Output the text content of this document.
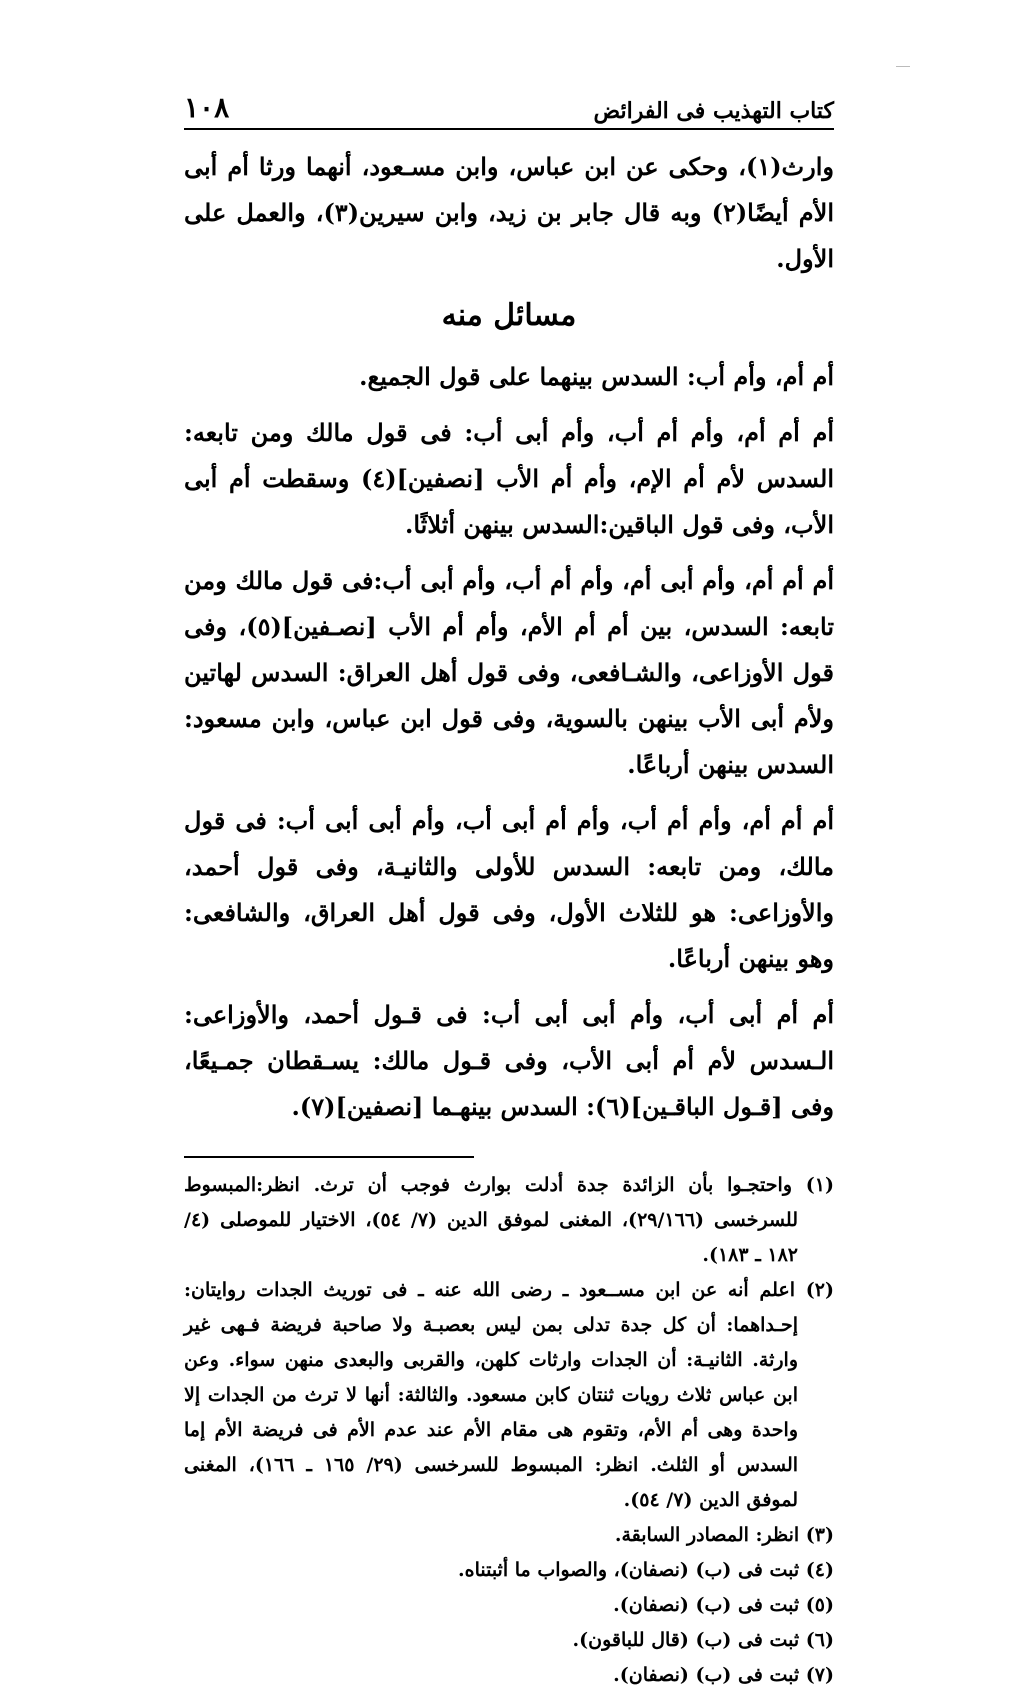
كتاب التهذيب فى الفرائض
١٠٨

وارث(١)، وحكى عن ابن عباس، وابن مسـعود، أنهما ورثا أم أبى الأم أيضًا(٢) وبه قال جابر بن زيد، وابن سيرين(٣)، والعمل على الأول.

مسائل منه

أم أم، وأم أب: السدس بينهما على قول الجميع.

أم أم أم، وأم أم أب، وأم أبى أب: فى قول مالك ومن تابعه: السدس لأم أم الإم، وأم أم الأب [نصفين](٤) وسقطت أم أبى الأب، وفى قول الباقين:السدس بينهن أثلاثًا.

أم أم أم، وأم أبى أم، وأم أم أب، وأم أبى أب:فى قول مالك ومن تابعه: السدس، بين أم أم الأم، وأم أم الأب [نصـفين](٥)، وفى قول الأوزاعى، والشـافعى، وفى قول أهل العراق: السدس لهاتين ولأم أبى الأب بينهن بالسوية، وفى قول ابن عباس، وابن مسعود: السدس بينهن أرباعًا.

أم أم أم، وأم أم أب، وأم أم أبى أب، وأم أبى أبى أب: فى قول مالك، ومن تابعه: السدس للأولى والثانيـة، وفى قول أحمد، والأوزاعى: هو للثلاث الأول، وفى قول أهل العراق، والشافعى: وهو بينهن أرباعًا.

أم أم أبى أب، وأم أبى أبى أب: فى قـول أحمد، والأوزاعى: الـسدس لأم أم أبى الأب، وفى قـول مالك: يسـقطان جمـيعًا، وفى [قـول الباقـين](٦): السدس بينهـما [نصفين](٧).

(١) واحتجـوا بأن الزائدة جدة أدلت بوارث فوجب أن ترث. انظر:المبسوط للسرخسى (٢٩/١٦٦)، المغنى لموفق الدين (٧/ ٥٤)، الاختيار للموصلى (٤/ ١٨٢ ـ ١٨٣).

(٢) اعلم أنه عن ابن مســعود ـ رضى الله عنه ـ فى توريث الجدات روايتان: إحـداهما: أن كل جدة تدلى بمن ليس بعصبـة ولا صاحبة فريضة فـهى غير وارثة. الثانيـة: أن الجدات وارثات كلهن، والقربى والبعدى منهن سواء. وعن ابن عباس ثلاث رويات ثنتان كابن مسعود. والثالثة: أنها لا ترث من الجدات إلا واحدة وهى أم الأم، وتقوم هى مقام الأم عند عدم الأم فى فريضة الأم إما السدس أو الثلث. انظر: المبسوط للسرخسى (٢٩/ ١٦٥ ـ ١٦٦)، المغنى لموفق الدين (٧/ ٥٤).

(٣) انظر: المصادر السابقة.

(٤) ثبت فى (ب) (نصفان)، والصواب ما أثبتناه.

(٥) ثبت فى (ب) (نصفان).

(٦) ثبت فى (ب) (قال للباقون).

(٧) ثبت فى (ب) (نصفان).
